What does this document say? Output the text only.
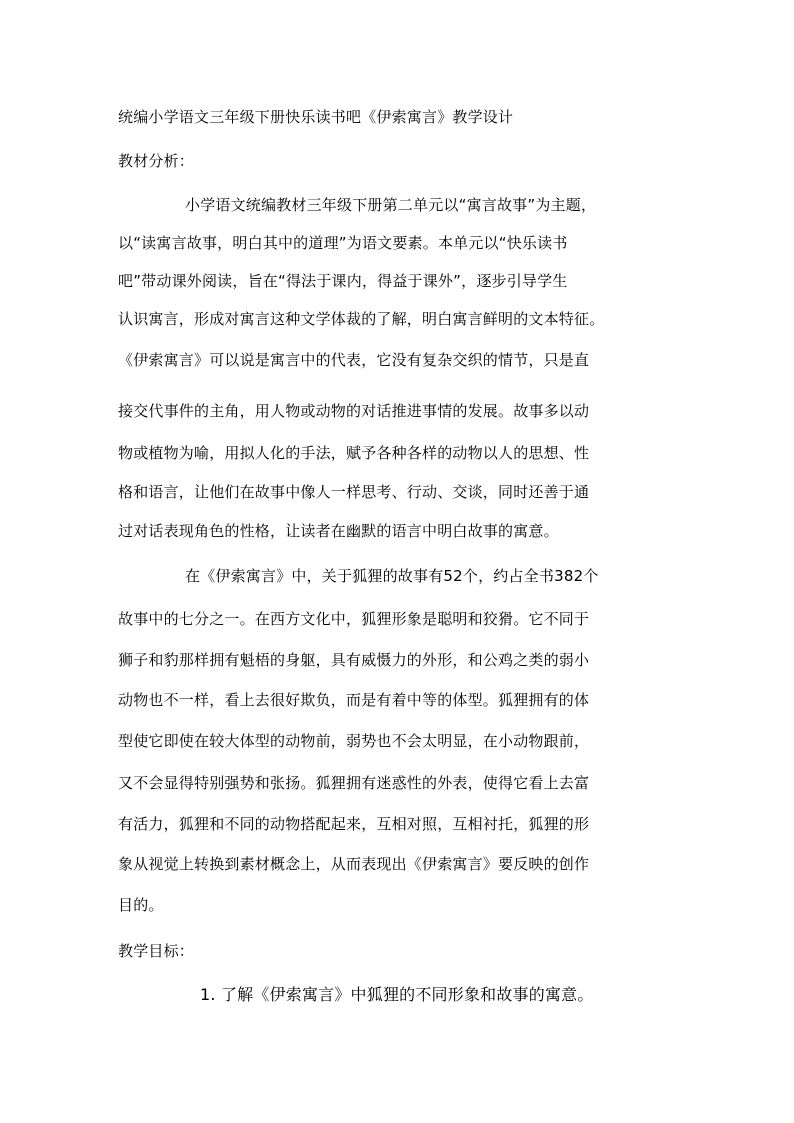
统编小学语文三年级下册快乐读书吧《伊索寓言》教学设计
教材分析：
小学语文统编教材三年级下册第二单元以“寓言故事”为主题，
以“读寓言故事，明白其中的道理”为语文要素。本单元以“快乐读书
吧”带动课外阅读，旨在“得法于课内，得益于课外”，逐步引导学生
认识寓言，形成对寓言这种文学体裁的了解，明白寓言鲜明的文本特征。
《伊索寓言》可以说是寓言中的代表，它没有复杂交织的情节，只是直
接交代事件的主角，用人物或动物的对话推进事情的发展。故事多以动
物或植物为喻，用拟人化的手法，赋予各种各样的动物以人的思想、性
格和语言，让他们在故事中像人一样思考、行动、交谈，同时还善于通
过对话表现角色的性格，让读者在幽默的语言中明白故事的寓意。
在《伊索寓言》中，关于狐狸的故事有52个，约占全书382个
故事中的七分之一。在西方文化中，狐狸形象是聪明和狡猾。它不同于
狮子和豹那样拥有魁梧的身躯，具有威慑力的外形，和公鸡之类的弱小
动物也不一样，看上去很好欺负，而是有着中等的体型。狐狸拥有的体
型使它即使在较大体型的动物前，弱势也不会太明显，在小动物跟前，
又不会显得特别强势和张扬。狐狸拥有迷惑性的外表，使得它看上去富
有活力，狐狸和不同的动物搭配起来，互相对照，互相衬托，狐狸的形
象从视觉上转换到素材概念上，从而表现出《伊索寓言》要反映的创作
目的。
教学目标：
1. 了解《伊索寓言》中狐狸的不同形象和故事的寓意。
